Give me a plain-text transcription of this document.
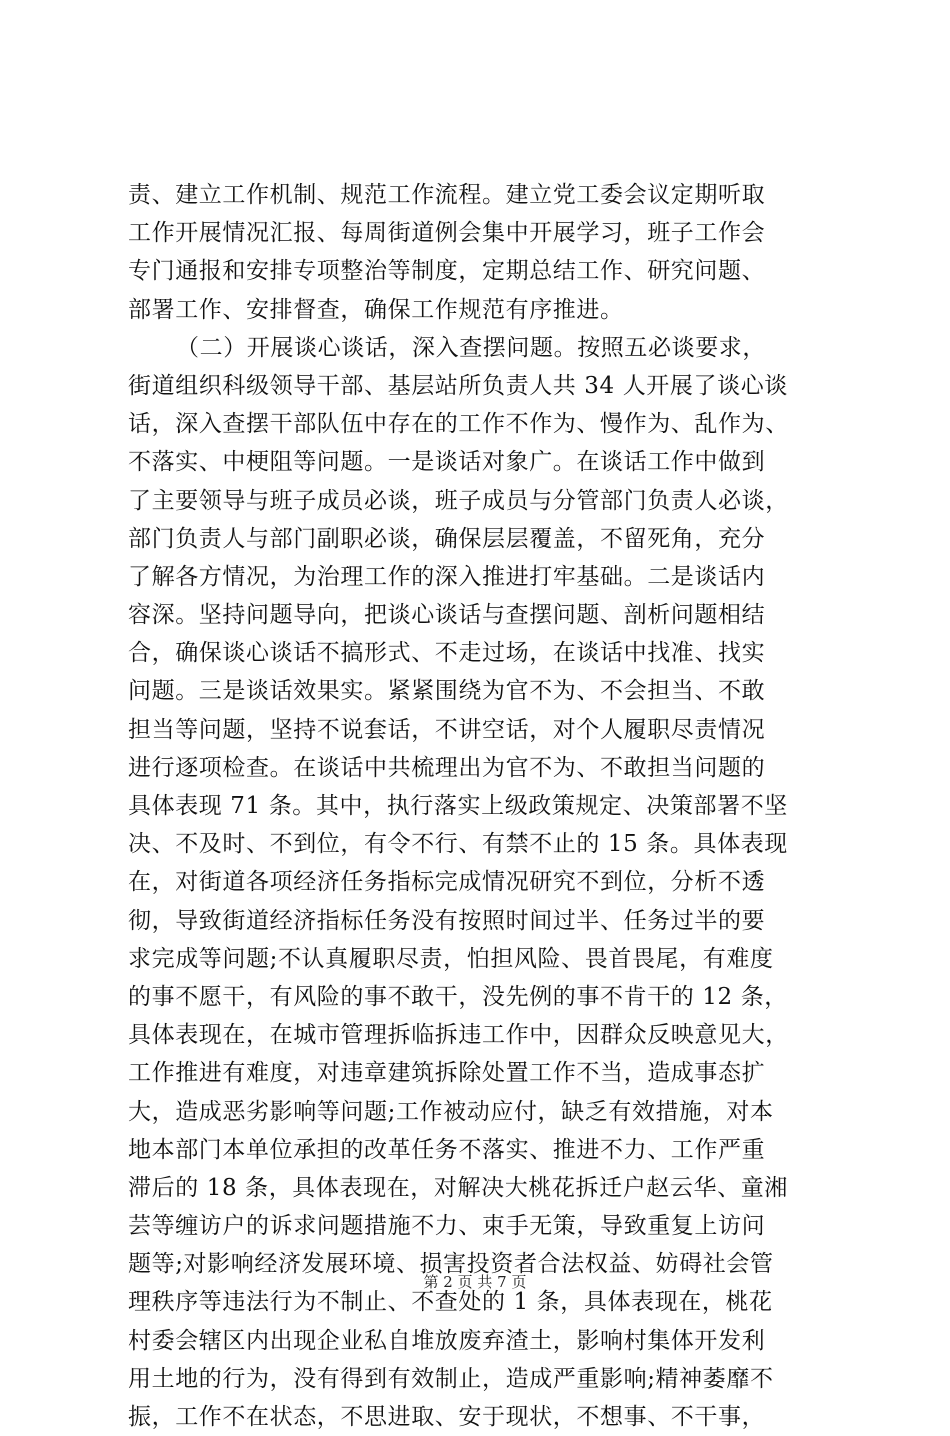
责、建立工作机制、规范工作流程。建立党工委会议定期听取
工作开展情况汇报、每周街道例会集中开展学习，班子工作会
专门通报和安排专项整治等制度，定期总结工作、研究问题、
部署工作、安排督查，确保工作规范有序推进。
（二）开展谈心谈话，深入查摆问题。按照五必谈要求，
街道组织科级领导干部、基层站所负责人共 34 人开展了谈心谈
话，深入查摆干部队伍中存在的工作不作为、慢作为、乱作为、
不落实、中梗阻等问题。一是谈话对象广。在谈话工作中做到
了主要领导与班子成员必谈，班子成员与分管部门负责人必谈，
部门负责人与部门副职必谈，确保层层覆盖，不留死角，充分
了解各方情况，为治理工作的深入推进打牢基础。二是谈话内
容深。坚持问题导向，把谈心谈话与查摆问题、剖析问题相结
合，确保谈心谈话不搞形式、不走过场，在谈话中找准、找实
问题。三是谈话效果实。紧紧围绕为官不为、不会担当、不敢
担当等问题，坚持不说套话，不讲空话，对个人履职尽责情况
进行逐项检查。在谈话中共梳理出为官不为、不敢担当问题的
具体表现 71 条。其中，执行落实上级政策规定、决策部署不坚
决、不及时、不到位，有令不行、有禁不止的 15 条。具体表现
在，对街道各项经济任务指标完成情况研究不到位，分析不透
彻，导致街道经济指标任务没有按照时间过半、任务过半的要
求完成等问题;不认真履职尽责，怕担风险、畏首畏尾，有难度
的事不愿干，有风险的事不敢干，没先例的事不肯干的 12 条，
具体表现在，在城市管理拆临拆违工作中，因群众反映意见大，
工作推进有难度，对违章建筑拆除处置工作不当，造成事态扩
大，造成恶劣影响等问题;工作被动应付，缺乏有效措施，对本
地本部门本单位承担的改革任务不落实、推进不力、工作严重
滞后的 18 条，具体表现在，对解决大桃花拆迁户赵云华、童湘
芸等缠访户的诉求问题措施不力、束手无策，导致重复上访问
题等;对影响经济发展环境、损害投资者合法权益、妨碍社会管
理秩序等违法行为不制止、不查处的 1 条，具体表现在，桃花
村委会辖区内出现企业私自堆放废弃渣土，影响村集体开发利
用土地的行为，没有得到有效制止，造成严重影响;精神萎靡不
振，工作不在状态，不思进取、安于现状，不想事、不干事，
第 2 页 共 7 页
